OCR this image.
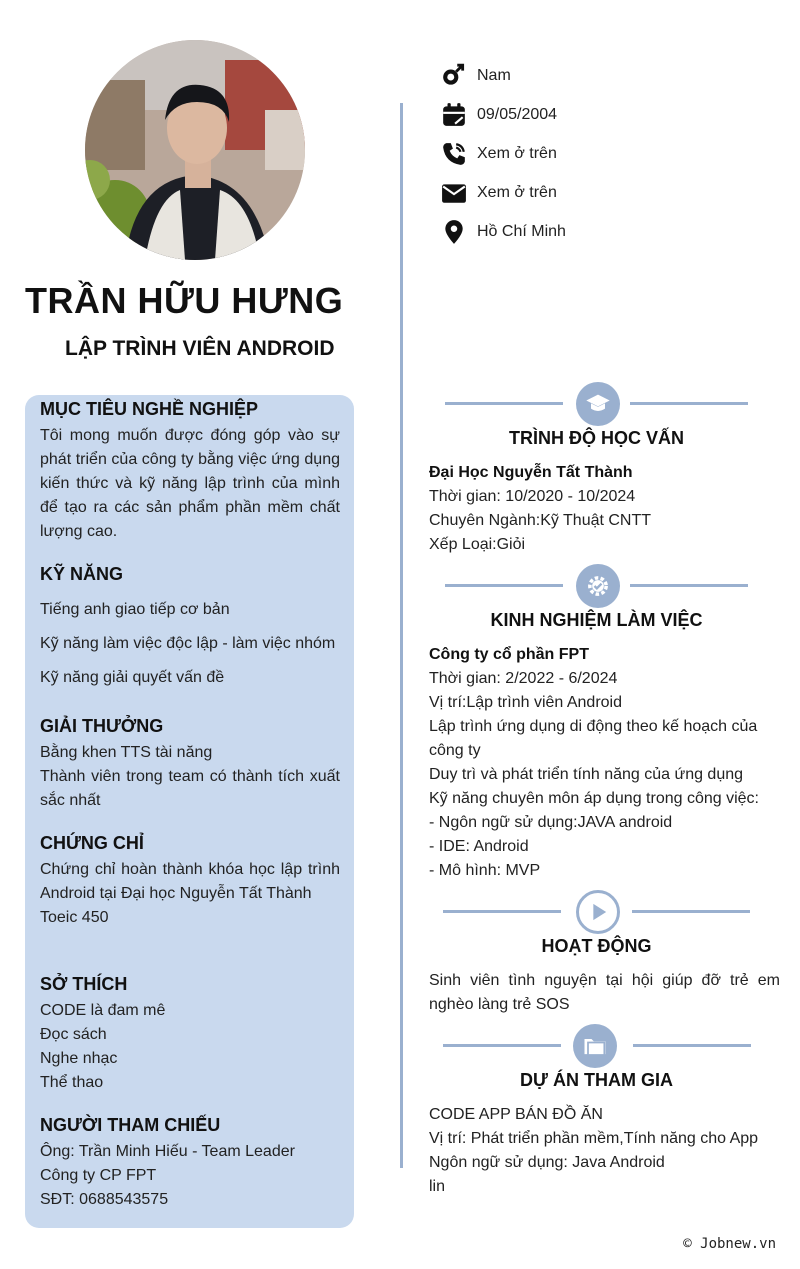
TRẦN HỮU HƯNG
LẬP TRÌNH VIÊN ANDROID
Nam
09/05/2004
Xem ở trên
Xem ở trên
Hồ Chí Minh
MỤC TIÊU NGHỀ NGHIỆP

Tôi mong muốn được đóng góp vào sự phát triển của công ty bằng việc ứng dụng kiến thức và kỹ năng lập trình của mình để tạo ra các sản phẩm phần mềm chất lượng cao.

KỸ NĂNG
Tiếng anh giao tiếp cơ bản
Kỹ năng làm việc độc lập - làm việc nhóm
Kỹ năng giải quyết vấn đề
GIẢI THƯỞNG
Bằng khen TTS tài năng

Thành viên trong team có thành tích xuất sắc nhất

CHỨNG CHỈ

Chứng chỉ hoàn thành khóa học lập trình Android tại Đại học Nguyễn Tất Thành

Toeic 450
SỞ THÍCH
CODE là đam mê
Đọc sách
Nghe nhạc
Thể thao
NGƯỜI THAM CHIẾU
Ông: Trần Minh Hiếu - Team Leader
Công ty CP FPT
SĐT: 0688543575
TRÌNH ĐỘ HỌC VẤN
Đại Học Nguyễn Tất Thành
Thời gian: 10/2020 - 10/2024
Chuyên Ngành:Kỹ Thuật CNTT
Xếp Loại:Giỏi
KINH NGHIỆM LÀM VIỆC
Công ty cổ phần FPT
Thời gian: 2/2022 - 6/2024
Vị trí:Lập trình viên Android
Lập trình ứng dụng di động theo kế hoạch của công ty
Duy trì và phát triển tính năng của ứng dụng
Kỹ năng chuyên môn áp dụng trong công việc:
- Ngôn ngữ sử dụng:JAVA android
- IDE: Android
- Mô hình: MVP
HOẠT ĐỘNG

Sinh viên tình nguyện tại hội giúp đỡ trẻ em nghèo làng trẻ SOS

DỰ ÁN THAM GIA
CODE APP BÁN ĐỒ ĂN
Vị trí: Phát triển phần mềm,Tính năng cho App
Ngôn ngữ sử dụng: Java Android
lin
© Jobnew.vn
